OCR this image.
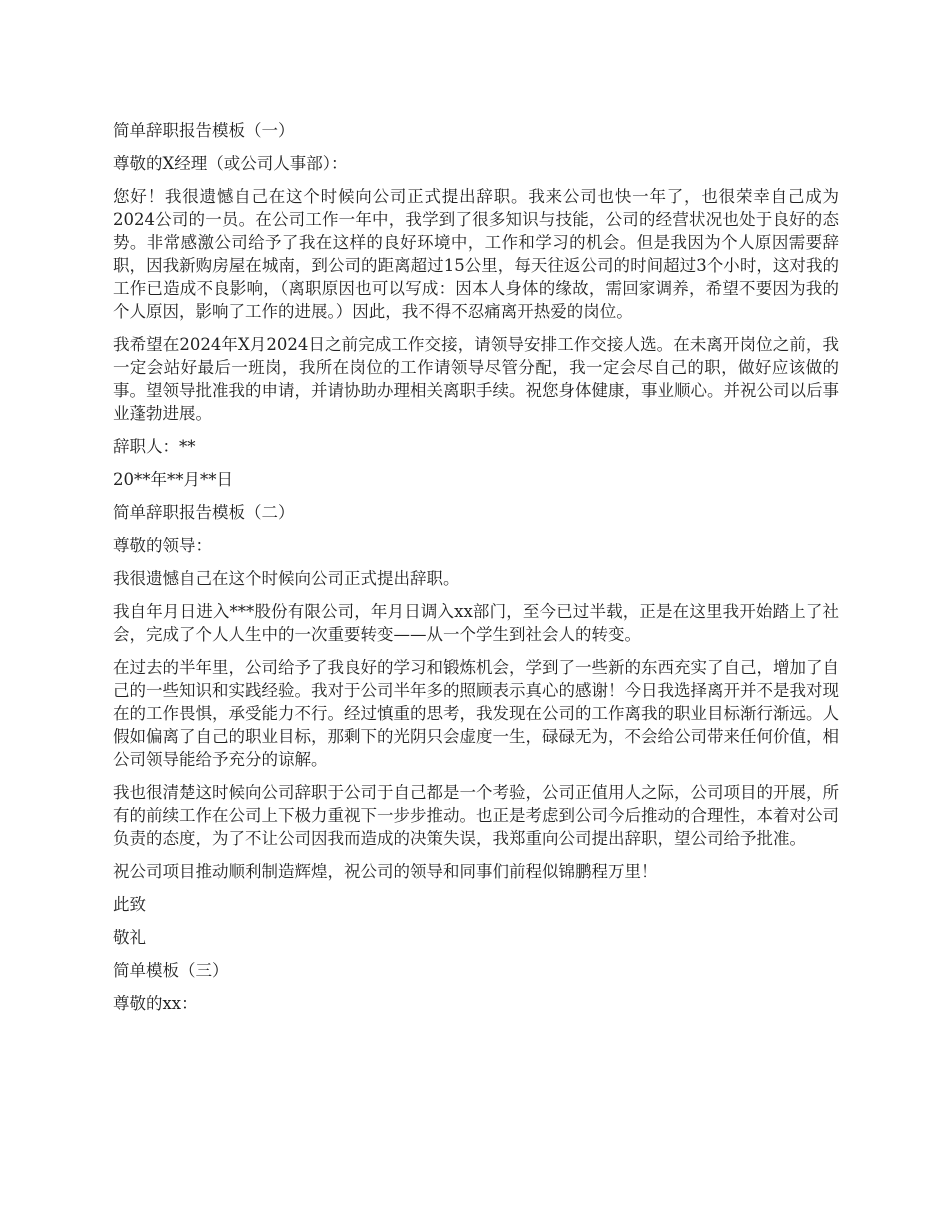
简单辞职报告模板（一）

尊敬的X经理（或公司人事部）：

您好！我很遗憾自己在这个时候向公司正式提出辞职。我来公司也快一年了，也很荣幸自己成为2024公司的一员。在公司工作一年中，我学到了很多知识与技能，公司的经营状况也处于良好的态势。非常感激公司给予了我在这样的良好环境中，工作和学习的机会。但是我因为个人原因需要辞职，因我新购房屋在城南，到公司的距离超过15公里，每天往返公司的时间超过3个小时，这对我的工作已造成不良影响，（离职原因也可以写成：因本人身体的缘故，需回家调养，希望不要因为我的个人原因，影响了工作的进展。）因此，我不得不忍痛离开热爱的岗位。

我希望在2024年X月2024日之前完成工作交接，请领导安排工作交接人选。在未离开岗位之前，我一定会站好最后一班岗，我所在岗位的工作请领导尽管分配，我一定会尽自己的职，做好应该做的事。望领导批准我的申请，并请协助办理相关离职手续。祝您身体健康，事业顺心。并祝公司以后事业蓬勃进展。

辞职人：**

20**年**月**日

简单辞职报告模板（二）

尊敬的领导：

我很遗憾自己在这个时候向公司正式提出辞职。

我自年月日进入***股份有限公司，年月日调入xx部门，至今已过半载，正是在这里我开始踏上了社会，完成了个人人生中的一次重要转变——从一个学生到社会人的转变。

在过去的半年里，公司给予了我良好的学习和锻炼机会，学到了一些新的东西充实了自己，增加了自己的一些知识和实践经验。我对于公司半年多的照顾表示真心的感谢！今日我选择离开并不是我对现在的工作畏惧，承受能力不行。经过慎重的思考，我发现在公司的工作离我的职业目标渐行渐远。人假如偏离了自己的职业目标，那剩下的光阴只会虚度一生，碌碌无为，不会给公司带来任何价值，相公司领导能给予充分的谅解。

我也很清楚这时候向公司辞职于公司于自己都是一个考验，公司正值用人之际，公司项目的开展，所有的前续工作在公司上下极力重视下一步步推动。也正是考虑到公司今后推动的合理性，本着对公司负责的态度，为了不让公司因我而造成的决策失误，我郑重向公司提出辞职，望公司给予批准。

祝公司项目推动顺利制造辉煌，祝公司的领导和同事们前程似锦鹏程万里！

此致

敬礼

简单模板（三）

尊敬的xx：
